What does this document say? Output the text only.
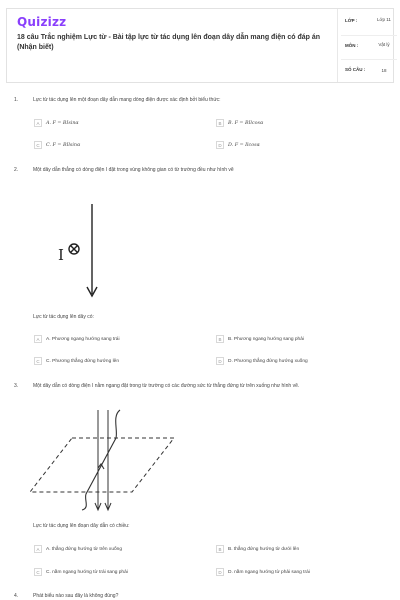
Quizizz
18 câu Trắc nghiệm Lực từ - Bài tập lực từ tác dụng lên đoạn dây dẫn mang điện có đáp án (Nhận biết)
LỚP :	Lớp 11
MÔN :	Vật lý
SỐ CÂU :	18
1.	Lực từ tác dụng lên một đoạn dây dẫn mang dòng điện được xác định bởi biểu thức:
A	A. F = BIsinα	B	B. F = BIlcosα
C	C. F = BIlsinα	D	D. F = Ilcosα
2.	Một dây dẫn thẳng có dòng điện I đặt trong vùng không gian có từ trường đều như hình vẽ
I
Lực từ tác dụng lên dây có:
A	A. Phương ngang hướng sang trái	B	B. Phương ngang hướng sang phải
C	C. Phương thẳng đứng hướng lên	D	D. Phương thẳng đứng hướng xuống
3.	Một dây dẫn có dòng điện I nằm ngang đặt trong từ trường có các đường sức từ thẳng đứng từ trên xuống như hình vẽ.
Lực từ tác dụng lên đoạn dây dẫn có chiều:
A	A. thẳng đứng hướng từ trên xuống	B	B. thẳng đứng hướng từ dưới lên
C	C. nằm ngang hướng từ trái sang phải	D	D. nằm ngang hướng từ phải sang trái
4.	Phát biểu nào sau đây là không đúng?
